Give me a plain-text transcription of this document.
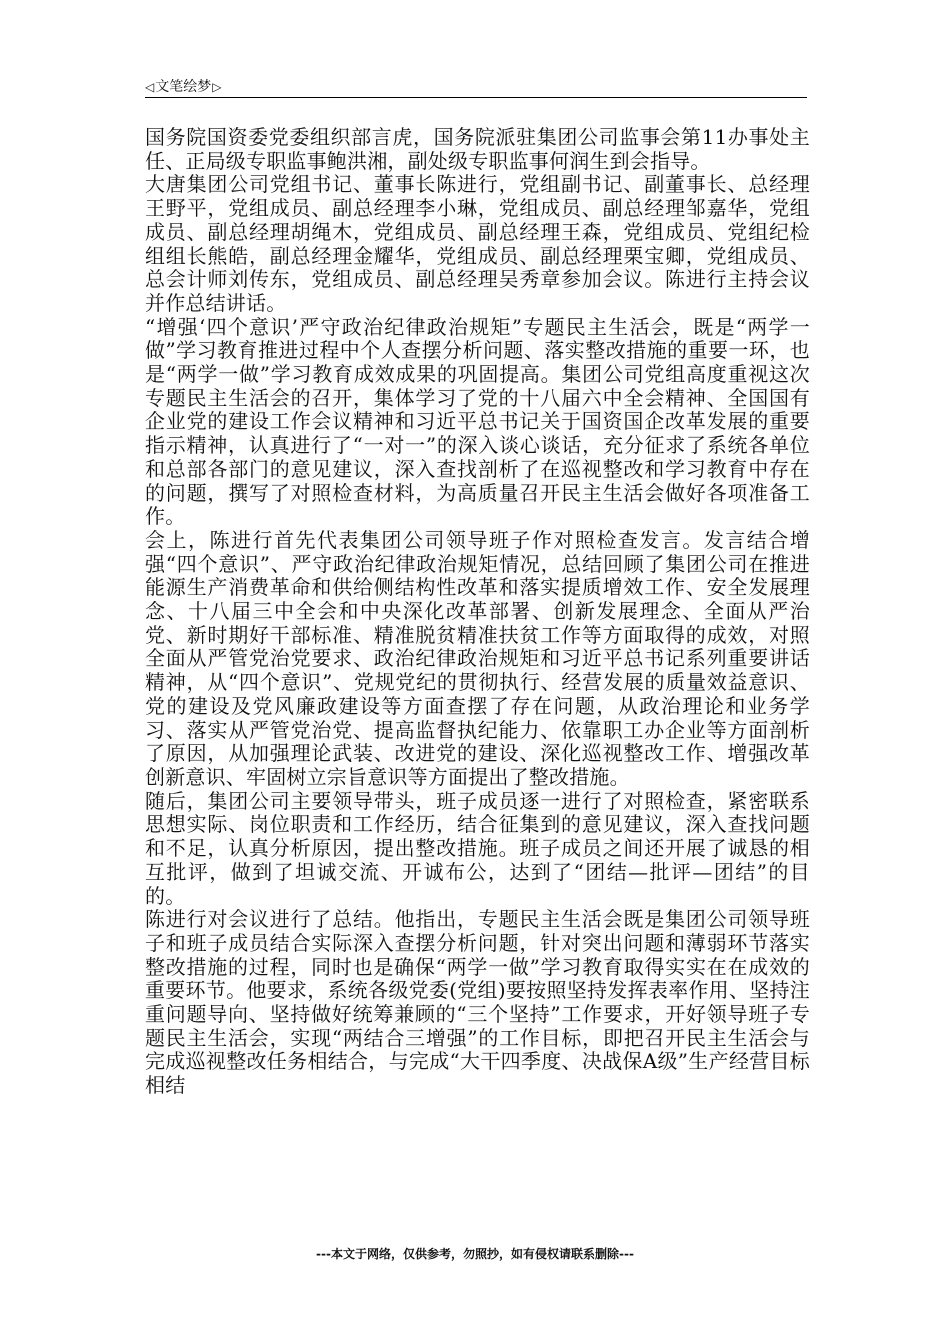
◁ 文笔绘梦 ▷

国务院国资委党委组织部言虎，国务院派驻集团公司监事会第11办事处主任、正局级专职监事鲍洪湘，副处级专职监事何润生到会指导。

大唐集团公司党组书记、董事长陈进行，党组副书记、副董事长、总经理王野平，党组成员、副总经理李小琳，党组成员、副总经理邹嘉华，党组成员、副总经理胡绳木，党组成员、副总经理王森，党组成员、党组纪检组组长熊皓，副总经理金耀华，党组成员、副总经理栗宝卿，党组成员、总会计师刘传东，党组成员、副总经理吴秀章参加会议。陈进行主持会议并作总结讲话。

“增强‘四个意识’严守政治纪律政治规矩”专题民主生活会，既是“两学一做”学习教育推进过程中个人查摆分析问题、落实整改措施的重要一环，也是“两学一做”学习教育成效成果的巩固提高。集团公司党组高度重视这次专题民主生活会的召开，集体学习了党的十八届六中全会精神、全国国有企业党的建设工作会议精神和习近平总书记关于国资国企改革发展的重要指示精神，认真进行了“一对一”的深入谈心谈话，充分征求了系统各单位和总部各部门的意见建议，深入查找剖析了在巡视整改和学习教育中存在的问题，撰写了对照检查材料，为高质量召开民主生活会做好各项准备工作。

会上，陈进行首先代表集团公司领导班子作对照检查发言。发言结合增强“四个意识”、严守政治纪律政治规矩情况，总结回顾了集团公司在推进能源生产消费革命和供给侧结构性改革和落实提质增效工作、安全发展理念、十八届三中全会和中央深化改革部署、创新发展理念、全面从严治党、新时期好干部标准、精准脱贫精准扶贫工作等方面取得的成效，对照全面从严管党治党要求、政治纪律政治规矩和习近平总书记系列重要讲话精神，从“四个意识”、党规党纪的贯彻执行、经营发展的质量效益意识、党的建设及党风廉政建设等方面查摆了存在问题，从政治理论和业务学习、落实从严管党治党、提高监督执纪能力、依靠职工办企业等方面剖析了原因，从加强理论武装、改进党的建设、深化巡视整改工作、增强改革创新意识、牢固树立宗旨意识等方面提出了整改措施。

随后，集团公司主要领导带头，班子成员逐一进行了对照检查，紧密联系思想实际、岗位职责和工作经历，结合征集到的意见建议，深入查找问题和不足，认真分析原因，提出整改措施。班子成员之间还开展了诚恳的相互批评，做到了坦诚交流、开诚布公，达到了“团结—批评—团结”的目的。

陈进行对会议进行了总结。他指出，专题民主生活会既是集团公司领导班子和班子成员结合实际深入查摆分析问题，针对突出问题和薄弱环节落实整改措施的过程，同时也是确保“两学一做”学习教育取得实实在在成效的重要环节。他要求，系统各级党委(党组)要按照坚持发挥表率作用、坚持注重问题导向、坚持做好统筹兼顾的“三个坚持”工作要求，开好领导班子专题民主生活会，实现“两结合三增强”的工作目标，即把召开民主生活会与完成巡视整改任务相结合，与完成“大干四季度、决战保A级”生产经营目标相结

---本文于网络，仅供参考，勿照抄，如有侵权请联系删除---
